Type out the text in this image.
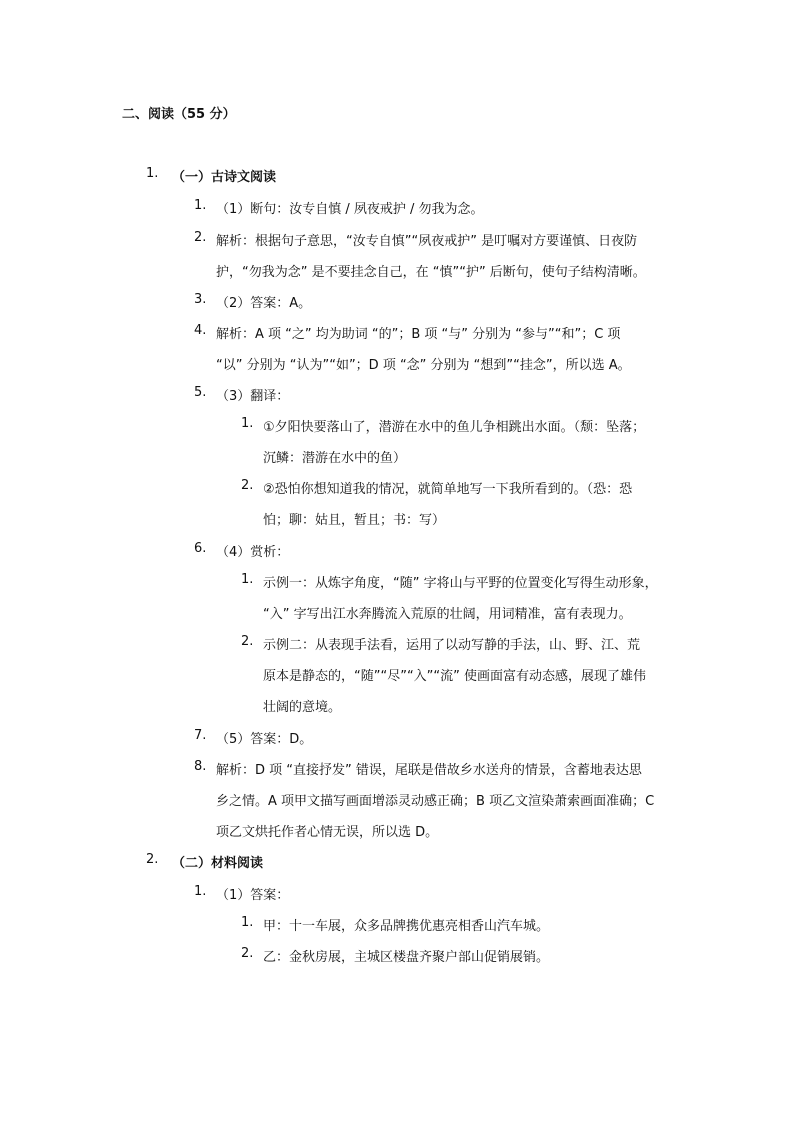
二、阅读（55 分）
1. （一）古诗文阅读
1. （1）断句：汝专自慎 / 夙夜戒护 / 勿我为念。
2. 解析：根据句子意思，“汝专自慎”“夙夜戒护” 是叮嘱对方要谨慎、日夜防
护，“勿我为念” 是不要挂念自己，在 “慎”“护” 后断句，使句子结构清晰。
3. （2）答案：A。
4. 解析：A 项 “之” 均为助词 “的”；B 项 “与” 分别为 “参与”“和”；C 项
“以” 分别为 “认为”“如”；D 项 “念” 分别为 “想到”“挂念”，所以选 A。
5. （3）翻译：
1. ①夕阳快要落山了，潜游在水中的鱼儿争相跳出水面。（颓：坠落；
沉鳞：潜游在水中的鱼）
2. ②恐怕你想知道我的情况，就简单地写一下我所看到的。（恐：恐
怕；聊：姑且，暂且；书：写）
6. （4）赏析：
1. 示例一：从炼字角度，“随” 字将山与平野的位置变化写得生动形象，
“入” 字写出江水奔腾流入荒原的壮阔，用词精准，富有表现力。
2. 示例二：从表现手法看，运用了以动写静的手法，山、野、江、荒
原本是静态的，“随”“尽”“入”“流” 使画面富有动态感，展现了雄伟
壮阔的意境。
7. （5）答案：D。
8. 解析：D 项 “直接抒发” 错误，尾联是借故乡水送舟的情景，含蓄地表达思
乡之情。A 项甲文描写画面增添灵动感正确；B 项乙文渲染萧索画面准确；C
项乙文烘托作者心情无误，所以选 D。
2. （二）材料阅读
1. （1）答案：
1. 甲：十一车展，众多品牌携优惠亮相香山汽车城。
2. 乙：金秋房展，主城区楼盘齐聚户部山促销展销。
